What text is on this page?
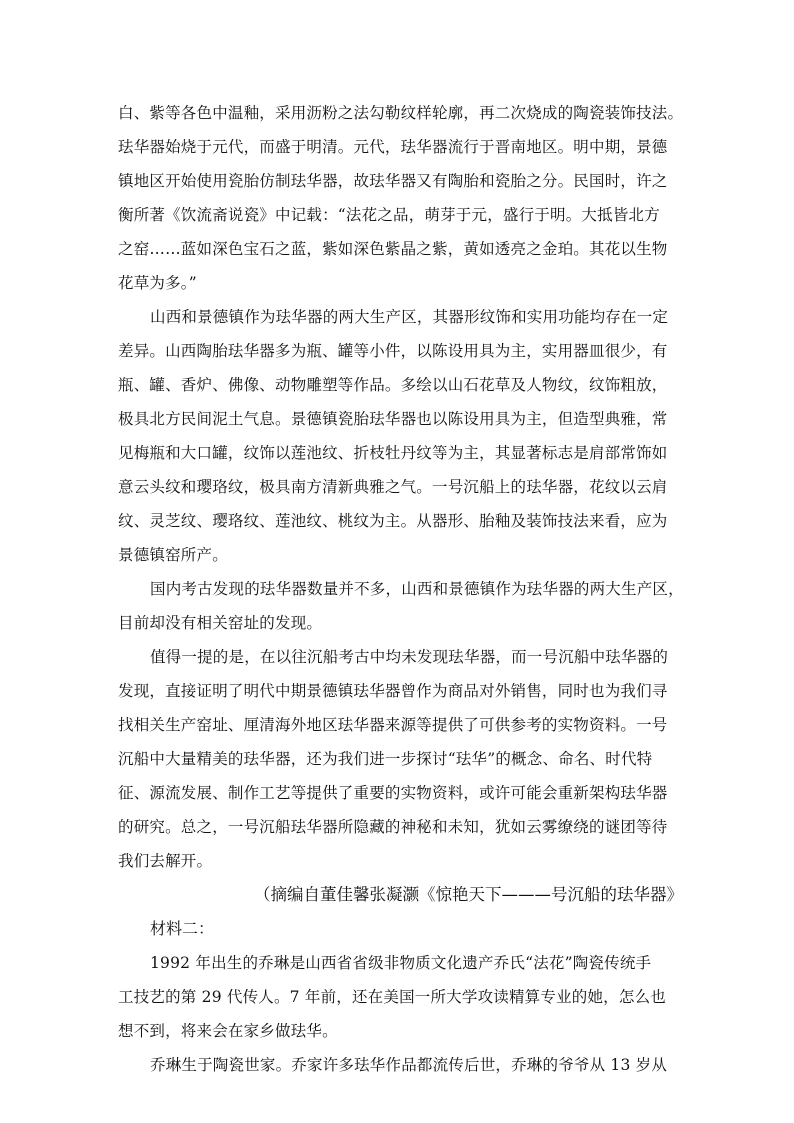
白、紫等各色中温釉，采用沥粉之法勾勒纹样轮廓，再二次烧成的陶瓷装饰技法。
珐华器始烧于元代，而盛于明清。元代，珐华器流行于晋南地区。明中期，景德
镇地区开始使用瓷胎仿制珐华器，故珐华器又有陶胎和瓷胎之分。民国时，许之
衡所著《饮流斋说瓷》中记载：“法花之品，萌芽于元，盛行于明。大抵皆北方
之窑……蓝如深色宝石之蓝，紫如深色紫晶之紫，黄如透亮之金珀。其花以生物
花草为多。”
山西和景德镇作为珐华器的两大生产区，其器形纹饰和实用功能均存在一定
差异。山西陶胎珐华器多为瓶、罐等小件，以陈设用具为主，实用器皿很少，有
瓶、罐、香炉、佛像、动物雕塑等作品。多绘以山石花草及人物纹，纹饰粗放，
极具北方民间泥土气息。景德镇瓷胎珐华器也以陈设用具为主，但造型典雅，常
见梅瓶和大口罐，纹饰以莲池纹、折枝牡丹纹等为主，其显著标志是肩部常饰如
意云头纹和璎珞纹，极具南方清新典雅之气。一号沉船上的珐华器，花纹以云肩
纹、灵芝纹、璎珞纹、莲池纹、桃纹为主。从器形、胎釉及装饰技法来看，应为
景德镇窑所产。
国内考古发现的珐华器数量并不多，山西和景德镇作为珐华器的两大生产区，
目前却没有相关窑址的发现。
值得一提的是，在以往沉船考古中均未发现珐华器，而一号沉船中珐华器的
发现，直接证明了明代中期景德镇珐华器曾作为商品对外销售，同时也为我们寻
找相关生产窑址、厘清海外地区珐华器来源等提供了可供参考的实物资料。一号
沉船中大量精美的珐华器，还为我们进一步探讨“珐华”的概念、命名、时代特
征、源流发展、制作工艺等提供了重要的实物资料，或许可能会重新架构珐华器
的研究。总之，一号沉船珐华器所隐藏的神秘和未知，犹如云雾缭绕的谜团等待
我们去解开。
（摘编自董佳馨张凝灏《惊艳天下———号沉船的珐华器》
材料二：
1992 年出生的乔琳是山西省省级非物质文化遗产乔氏“法花”陶瓷传统手
工技艺的第 29 代传人。7 年前，还在美国一所大学攻读精算专业的她，怎么也
想不到，将来会在家乡做珐华。
乔琳生于陶瓷世家。乔家许多珐华作品都流传后世，乔琳的爷爷从 13 岁从
